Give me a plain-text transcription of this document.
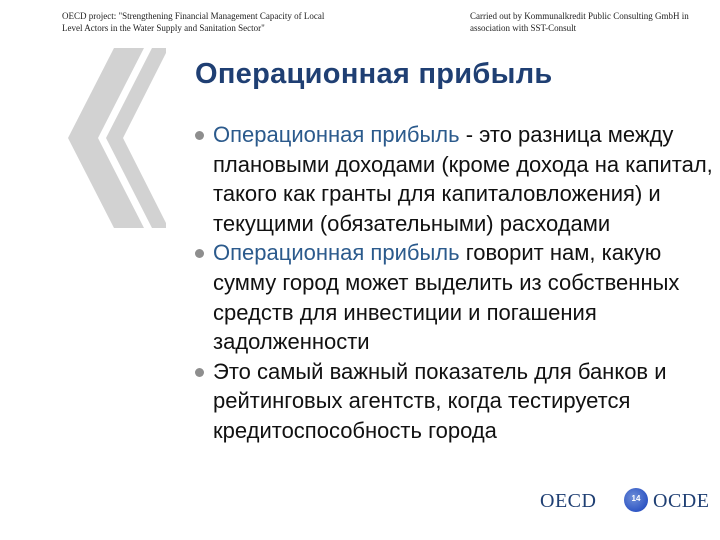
OECD project: "Strengthening Financial Management Capacity of Local
Level Actors in the Water Supply and Sanitation Sector"
Carried out by Kommunalkredit Public Consulting GmbH in
association with SST-Consult
Операционная прибыль
Операционная прибыль - это разница между плановыми доходами (кроме дохода на капитал, такого как гранты для капиталовложения) и текущими (обязательными) расходами
Операционная прибыль говорит нам, какую сумму город может выделить из собственных средств для инвестиции и погашения задолженности
Это самый важный показатель для банков и рейтинговых агентств, когда тестируется кредитоспособность города
OECD	14 OCDE
